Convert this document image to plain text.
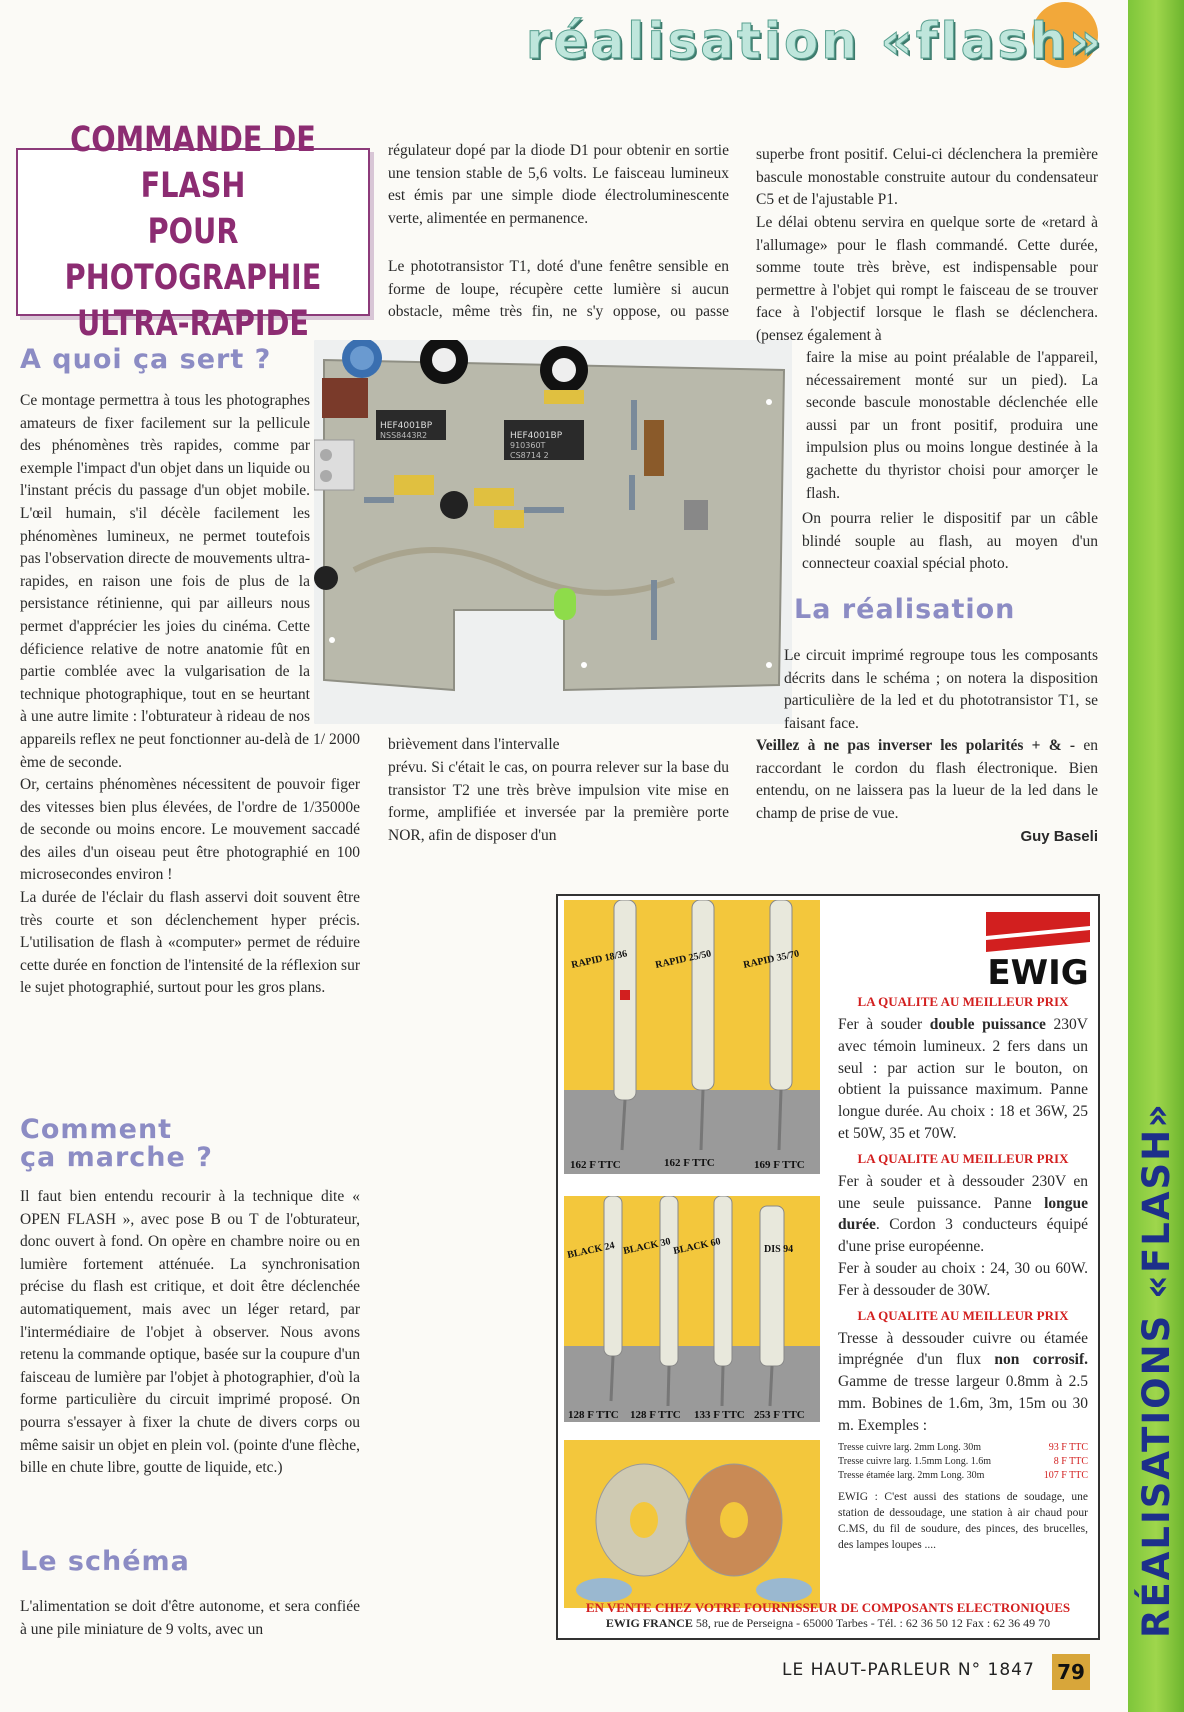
RÉALISATIONS «FLASH»
réalisation «flash»
COMMANDE DE FLASH
POUR PHOTOGRAPHIE
ULTRA-RAPIDE
A quoi ça sert ?

Ce montage permettra à tous les photographes amateurs de fixer facilement sur la pellicule des phénomènes très rapides, comme par exemple l'impact d'un objet dans un liquide ou l'instant précis du passage d'un objet mobile. L'œil humain, s'il décèle facilement les phénomènes lumineux, ne permet toutefois pas l'observation directe de mouvements ultra-rapides, en raison une fois de plus de la persistance rétinienne, qui par ailleurs nous permet d'apprécier les joies du cinéma. Cette déficience relative de notre anatomie fût en partie comblée avec la vulgarisation de la technique photographique, tout en se heurtant à une autre limite : l'obturateur à rideau de nos appareils reflex ne peut fonctionner au-delà de 1/ 2000 ème de seconde.

Or, certains phénomènes nécessitent de pouvoir figer des vitesses bien plus élevées, de l'ordre de 1/35000e de seconde ou moins encore. Le mouvement saccadé des ailes d'un oiseau peut être photographié en 100 microsecondes environ !

La durée de l'éclair du flash asservi doit souvent être très courte et son déclenchement hyper précis. L'utilisation de flash à «computer» permet de réduire cette durée en fonction de l'intensité de la réflexion sur le sujet photographié, surtout pour les gros plans.

Comment
ça marche ?
Il faut bien entendu recourir à la technique dite « OPEN FLASH », avec pose B ou T de l'obturateur, donc ouvert à fond. On opère en chambre noire ou en lumière fortement atténuée. La synchronisation précise du flash est critique, et doit être déclenchée automatiquement, mais avec un léger retard, par l'intermédiaire de l'objet à observer. Nous avons retenu la commande optique, basée sur la coupure d'un faisceau de lumière par l'objet à photographier, d'où la forme particulière du circuit imprimé proposé. On pourra s'essayer à fixer la chute de divers corps ou même saisir un objet en plein vol. (pointe d'une flèche, bille en chute libre, goutte de liquide, etc.)
Le schéma
L'alimentation se doit d'être autonome, et sera confiée à une pile miniature de 9 volts, avec un
HEF4001BP
NSS8443R2	HEF4001BP
910360T
CS8714 2
régulateur dopé par la diode D1 pour obtenir en sortie une tension stable de 5,6 volts. Le faisceau lumineux est émis par une simple diode électroluminescente verte, alimentée en permanence.
Le phototransistor T1, doté d'une fenêtre sensible en forme de loupe, récupère cette lumière si aucun obstacle, même très fin, ne s'y oppose, ou passe
brièvement dans l'intervalle
prévu. Si c'était le cas, on pourra relever sur la base du transistor T2 une très brève impulsion vite mise en forme, amplifiée et inversée par la première porte NOR, afin de disposer d'un
superbe front positif. Celui-ci déclenchera la première bascule monostable construite autour du condensateur C5 et de l'ajustable P1.
Le délai obtenu servira en quelque sorte de «retard à l'allumage» pour le flash commandé. Cette durée, somme toute très brève, est indispensable pour permettre à l'objet qui rompt le faisceau de se trouver face à l'objectif lorsque le flash se déclenchera. (pensez également à
faire la mise au point préalable de l'appareil, nécessairement monté sur un pied). La seconde bascule monostable déclenchée elle aussi par un front positif, produira une impulsion plus ou moins longue destinée à la gachette du thyristor choisi pour amorçer le flash.
On pourra relier le dispositif par un câble blindé souple au flash, au moyen d'un connecteur coaxial spécial photo.
La réalisation
Le circuit imprimé regroupe tous les composants décrits dans le schéma ; on notera la disposition particulière de la led et du phototransistor T1, se faisant face.
Veillez à ne pas inverser les polarités + & - en raccordant le cordon du flash électronique. Bien entendu, on ne laissera pas la lueur de la led dans le champ de prise de vue.
Guy Baseli
RAPID 18/36	RAPID 25/50	RAPID 35/70
162 F TTC	162 F TTC	169 F TTC
BLACK 24 BLACK 30 BLACK 60	DIS 94
128 F TTC 128 F TTC 133 F TTC 253 F TTC
EWIG

LA QUALITE AU MEILLEUR PRIX

Fer à souder double puissance 230V avec témoin lumineux. 2 fers dans un seul : par action sur le bouton, on obtient la puissance maximum. Panne longue durée. Au choix : 18 et 36W, 25 et 50W, 35 et 70W.

LA QUALITE AU MEILLEUR PRIX

Fer à souder et à dessouder 230V en une seule puissance. Panne longue durée. Cordon 3 conducteurs équipé d'une prise européenne.

Fer à souder au choix : 24, 30 ou 60W. Fer à dessouder de 30W.

LA QUALITE AU MEILLEUR PRIX

Tresse à dessouder cuivre ou étamée imprégnée d'un flux non corrosif. Gamme de tresse largeur 0.8mm à 2.5 mm. Bobines de 1.6m, 3m, 15m ou 30 m. Exemples :

Tresse cuivre larg. 2mm Long. 30m	93 F TTC

Tresse cuivre larg. 1.5mm Long. 1.6m	8 F TTC

Tresse étamée larg. 2mm Long. 30m	107 F TTC

EWIG : C'est aussi des stations de soudage, une station de dessoudage, une station à air chaud pour C.MS, du fil de soudure, des pinces, des brucelles, des lampes loupes ....

EN VENTE CHEZ VOTRE FOURNISSEUR DE COMPOSANTS ELECTRONIQUES
EWIG FRANCE 58, rue de Perseigna - 65000 Tarbes - Tél. : 62 36 50 12 Fax : 62 36 49 70
LE HAUT-PARLEUR N° 1847 79
